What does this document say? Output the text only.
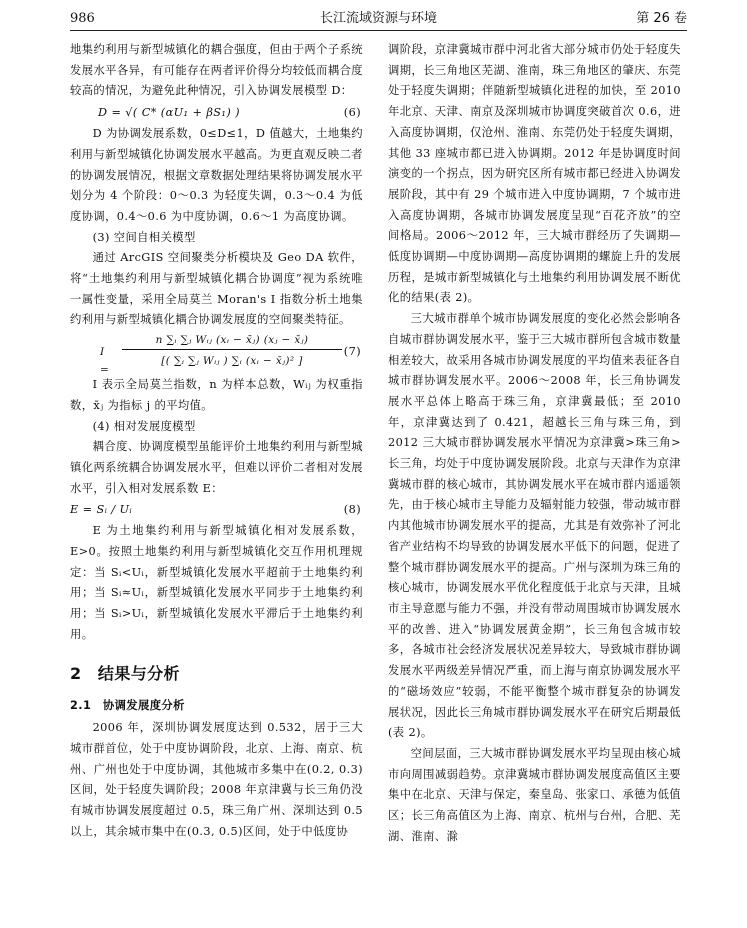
986	长江流域资源与环境	第 26 卷

地集约利用与新型城镇化的耦合强度，但由于两个子系统发展水平各异，有可能存在两者评价得分均较低而耦合度较高的情况，为避免此种情况，引入协调发展模型 D：

D = √( C* (αU₁ + βS₁) )	(6)

D 为协调发展系数，0≤D≤1，D 值越大，土地集约利用与新型城镇化协调发展水平越高。为更直观反映二者的协调发展情况，根据文章数据处理结果将协调发展水平划分为 4 个阶段：0～0.3 为轻度失调，0.3～0.4 为低度协调，0.4～0.6 为中度协调，0.6～1 为高度协调。

(3) 空间自相关模型

通过 ArcGIS 空间聚类分析模块及 Geo DA 软件，将“土地集约利用与新型城镇化耦合协调度”视为系统唯一属性变量，采用全局莫兰 Moran's I 指数分析土地集约利用与新型城镇化耦合协调发展度的空间聚类特征。

I =
n ∑ᵢ ∑ⱼ Wᵢⱼ (xᵢ − x̄ⱼ) (xⱼ − x̄ⱼ)
[( ∑ᵢ ∑ⱼ Wᵢⱼ ) ∑ᵢ (xᵢ − x̄ⱼ)² ]
(7)

I 表示全局莫兰指数，n 为样本总数，Wᵢⱼ 为权重指数，x̄ⱼ 为指标 j 的平均值。

(4) 相对发展度模型

耦合度、协调度模型虽能评价土地集约利用与新型城镇化两系统耦合协调发展水平，但难以评价二者相对发展水平，引入相对发展系数 E：

E = Sᵢ / Uᵢ	(8)

E 为土地集约利用与新型城镇化相对发展系数，E>0。按照土地集约利用与新型城镇化交互作用机理规定：当 Sᵢ<Uᵢ，新型城镇化发展水平超前于土地集约利用；当 Sᵢ≈Uᵢ，新型城镇化发展水平同步于土地集约利用；当 Sᵢ>Uᵢ，新型城镇化发展水平滞后于土地集约利用。

2　结果与分析
2.1　协调发展度分析

2006 年，深圳协调发展度达到 0.532，居于三大城市群首位，处于中度协调阶段，北京、上海、南京、杭州、广州也处于中度协调，其他城市多集中在(0.2, 0.3)区间，处于轻度失调阶段；2008 年京津冀与长三角仍没有城市协调发展度超过 0.5，珠三角广州、深圳达到 0.5 以上，其余城市集中在(0.3, 0.5)区间，处于中低度协

调阶段，京津冀城市群中河北省大部分城市仍处于轻度失调期，长三角地区芜湖、淮南，珠三角地区的肇庆、东莞处于轻度失调期；伴随新型城镇化进程的加快，至 2010 年北京、天津、南京及深圳城市协调度突破首次 0.6，进入高度协调期，仅沧州、淮南、东莞仍处于轻度失调期，其他 33 座城市都已进入协调期。2012 年是协调度时间演变的一个拐点，因为研究区所有城市都已经进入协调发展阶段，其中有 29 个城市进入中度协调期，7 个城市进入高度协调期，各城市协调发展度呈现“百花齐放”的空间格局。2006～2012 年，三大城市群经历了失调期—低度协调期—中度协调期—高度协调期的螺旋上升的发展历程，是城市新型城镇化与土地集约利用协调发展不断优化的结果(表 2)。

三大城市群单个城市协调发展度的变化必然会影响各自城市群协调发展水平，鉴于三大城市群所包含城市数量相差较大，故采用各城市协调发展度的平均值来表征各自城市群协调发展水平。2006～2008 年，长三角协调发展水平总体上略高于珠三角，京津冀最低；至 2010 年，京津冀达到了 0.421，超越长三角与珠三角，到 2012 三大城市群协调发展水平情况为京津冀>珠三角>长三角，均处于中度协调发展阶段。北京与天津作为京津冀城市群的核心城市，其协调发展水平在城市群内遥遥领先，由于核心城市主导能力及辐射能力较强，带动城市群内其他城市协调发展水平的提高，尤其是有效弥补了河北省产业结构不均导致的协调发展水平低下的问题，促进了整个城市群协调发展水平的提高。广州与深圳为珠三角的核心城市，协调发展水平优化程度低于北京与天津，且城市主导意愿与能力不强，并没有带动周围城市协调发展水平的改善、进入“协调发展黄金期”，长三角包含城市较多，各城市社会经济发展状况差异较大，导致城市群协调发展水平两级差异情况严重，而上海与南京协调发展水平的“磁场效应”较弱，不能平衡整个城市群复杂的协调发展状况，因此长三角城市群协调发展水平在研究后期最低(表 2)。

空间层面，三大城市群协调发展水平均呈现由核心城市向周围减弱趋势。京津冀城市群协调发展度高值区主要集中在北京、天津与保定，秦皇岛、张家口、承德为低值区；长三角高值区为上海、南京、杭州与台州，合肥、芜湖、淮南、滁
